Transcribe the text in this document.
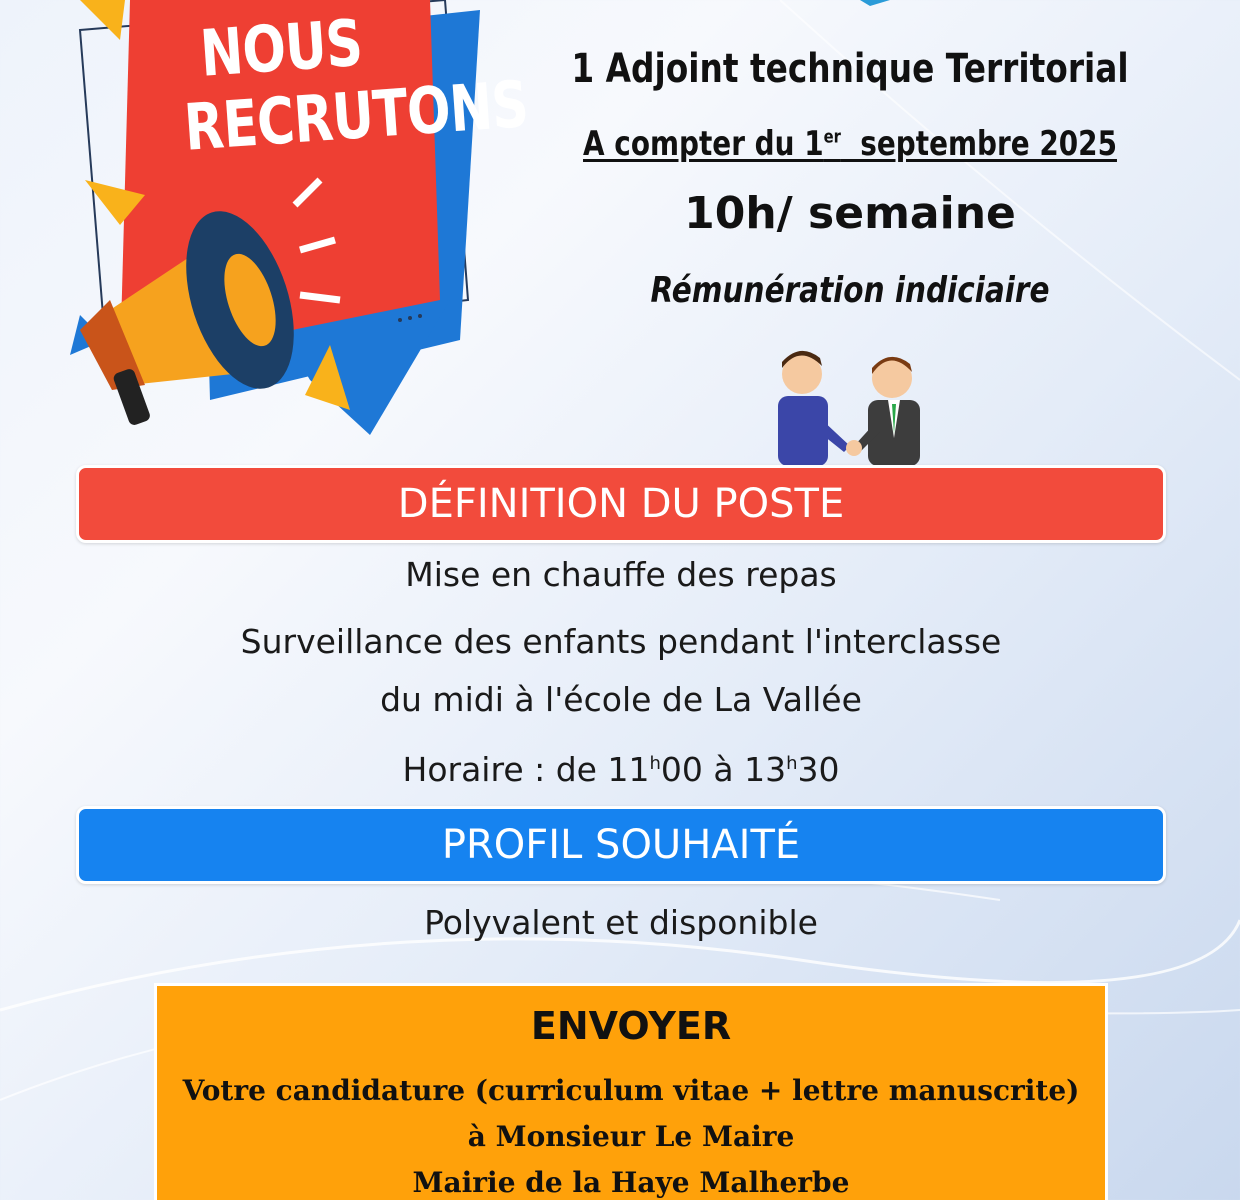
NOUS
RECRUTONS 1 Adjoint technique Territorial
A compter du 1er  septembre 2025
10h/ semaine
Rémunération indiciaire
DÉFINITION DU POSTE
Mise en chauffe des repas
Surveillance des enfants pendant l'interclasse
du midi à l'école de La Vallée
Horaire : de 11$^h$00 à 13$^h$30
PROFIL SOUHAITÉ
Polyvalent et disponible
ENVOYER
Votre candidature (curriculum vitae + lettre manuscrite)
à Monsieur Le Maire
Mairie de la Haye Malherbe
